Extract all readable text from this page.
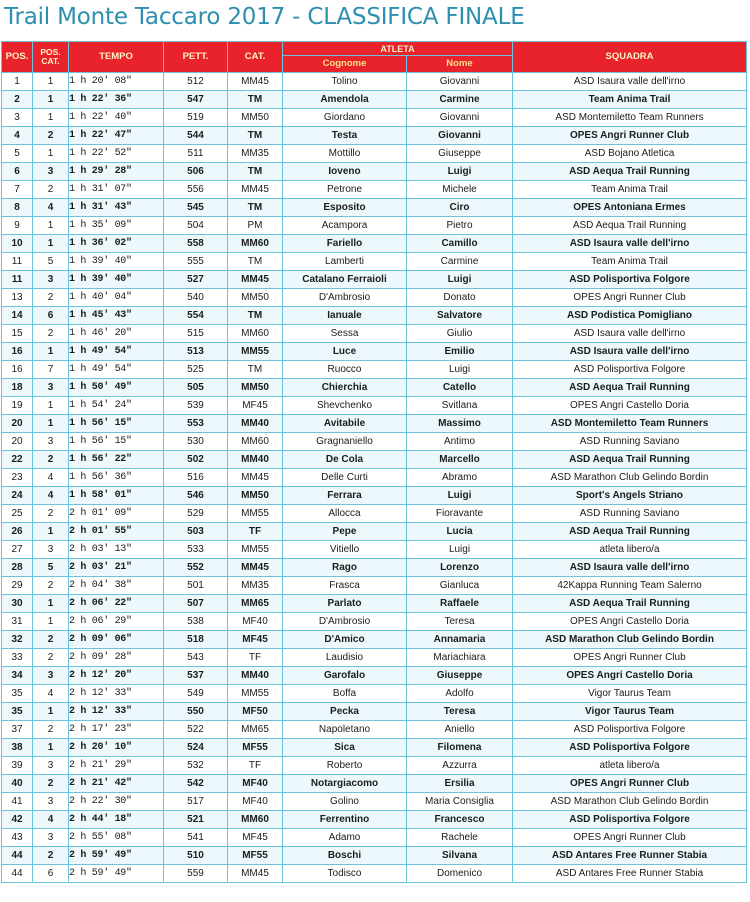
Trail Monte Taccaro 2017 - CLASSIFICA FINALE
POS.	POS.
CAT.	TEMPO	PETT.	CAT.	ATLETA		SQUADRA
					Cognome	Nome	
1	1	1 h 20' 08"	512	MM45	Tolino	Giovanni	ASD Isaura valle dell'irno
2	1	1 h 22' 36"	547	TM	Amendola	Carmine	Team Anima Trail
3	1	1 h 22' 40"	519	MM50	Giordano	Giovanni	ASD Montemiletto Team Runners
4	2	1 h 22' 47"	544	TM	Testa	Giovanni	OPES Angri Runner Club
5	1	1 h 22' 52"	511	MM35	Mottillo	Giuseppe	ASD Bojano Atletica
6	3	1 h 29' 28"	506	TM	Ioveno	Luigi	ASD Aequa Trail Running
7	2	1 h 31' 07"	556	MM45	Petrone	Michele	Team Anima Trail
8	4	1 h 31' 43"	545	TM	Esposito	Ciro	OPES Antoniana Ermes
9	1	1 h 35' 09"	504	PM	Acampora	Pietro	ASD Aequa Trail Running
10	1	1 h 36' 02"	558	MM60	Fariello	Camillo	ASD Isaura valle dell'irno
11	5	1 h 39' 40"	555	TM	Lamberti	Carmine	Team Anima Trail
11	3	1 h 39' 40"	527	MM45	Catalano Ferraioli	Luigi	ASD Polisportiva Folgore
13	2	1 h 40' 04"	540	MM50	D'Ambrosio	Donato	OPES Angri Runner Club
14	6	1 h 45' 43"	554	TM	Ianuale	Salvatore	ASD Podistica Pomigliano
15	2	1 h 46' 20"	515	MM60	Sessa	Giulio	ASD Isaura valle dell'irno
16	1	1 h 49' 54"	513	MM55	Luce	Emilio	ASD Isaura valle dell'irno
16	7	1 h 49' 54"	525	TM	Ruocco	Luigi	ASD Polisportiva Folgore
18	3	1 h 50' 49"	505	MM50	Chierchia	Catello	ASD Aequa Trail Running
19	1	1 h 54' 24"	539	MF45	Shevchenko	Svitlana	OPES Angri Castello Doria
20	1	1 h 56' 15"	553	MM40	Avitabile	Massimo	ASD Montemiletto Team Runners
20	3	1 h 56' 15"	530	MM60	Gragnaniello	Antimo	ASD Running Saviano
22	2	1 h 56' 22"	502	MM40	De Cola	Marcello	ASD Aequa Trail Running
23	4	1 h 56' 36"	516	MM45	Delle Curti	Abramo	ASD Marathon Club Gelindo Bordin
24	4	1 h 58' 01"	546	MM50	Ferrara	Luigi	Sport's Angels Striano
25	2	2 h 01' 09"	529	MM55	Allocca	Fioravante	ASD Running Saviano
26	1	2 h 01' 55"	503	TF	Pepe	Lucia	ASD Aequa Trail Running
27	3	2 h 03' 13"	533	MM55	Vitiello	Luigi	atleta libero/a
28	5	2 h 03' 21"	552	MM45	Rago	Lorenzo	ASD Isaura valle dell'irno
29	2	2 h 04' 38"	501	MM35	Frasca	Gianluca	42Kappa Running Team Salerno
30	1	2 h 06' 22"	507	MM65	Parlato	Raffaele	ASD Aequa Trail Running
31	1	2 h 06' 29"	538	MF40	D'Ambrosio	Teresa	OPES Angri Castello Doria
32	2	2 h 09' 06"	518	MF45	D'Amico	Annamaria	ASD Marathon Club Gelindo Bordin
33	2	2 h 09' 28"	543	TF	Laudisio	Mariachiara	OPES Angri Runner Club
34	3	2 h 12' 20"	537	MM40	Garofalo	Giuseppe	OPES Angri Castello Doria
35	4	2 h 12' 33"	549	MM55	Boffa	Adolfo	Vigor Taurus Team
35	1	2 h 12' 33"	550	MF50	Pecka	Teresa	Vigor Taurus Team
37	2	2 h 17' 23"	522	MM65	Napoletano	Aniello	ASD Polisportiva Folgore
38	1	2 h 20' 10"	524	MF55	Sica	Filomena	ASD Polisportiva Folgore
39	3	2 h 21' 29"	532	TF	Roberto	Azzurra	atleta libero/a
40	2	2 h 21' 42"	542	MF40	Notargiacomo	Ersilia	OPES Angri Runner Club
41	3	2 h 22' 30"	517	MF40	Golino	Maria Consiglia	ASD Marathon Club Gelindo Bordin
42	4	2 h 44' 18"	521	MM60	Ferrentino	Francesco	ASD Polisportiva Folgore
43	3	2 h 55' 08"	541	MF45	Adamo	Rachele	OPES Angri Runner Club
44	2	2 h 59' 49"	510	MF55	Boschi	Silvana	ASD Antares Free Runner Stabia
44	6	2 h 59' 49"	559	MM45	Todisco	Domenico	ASD Antares Free Runner Stabia
